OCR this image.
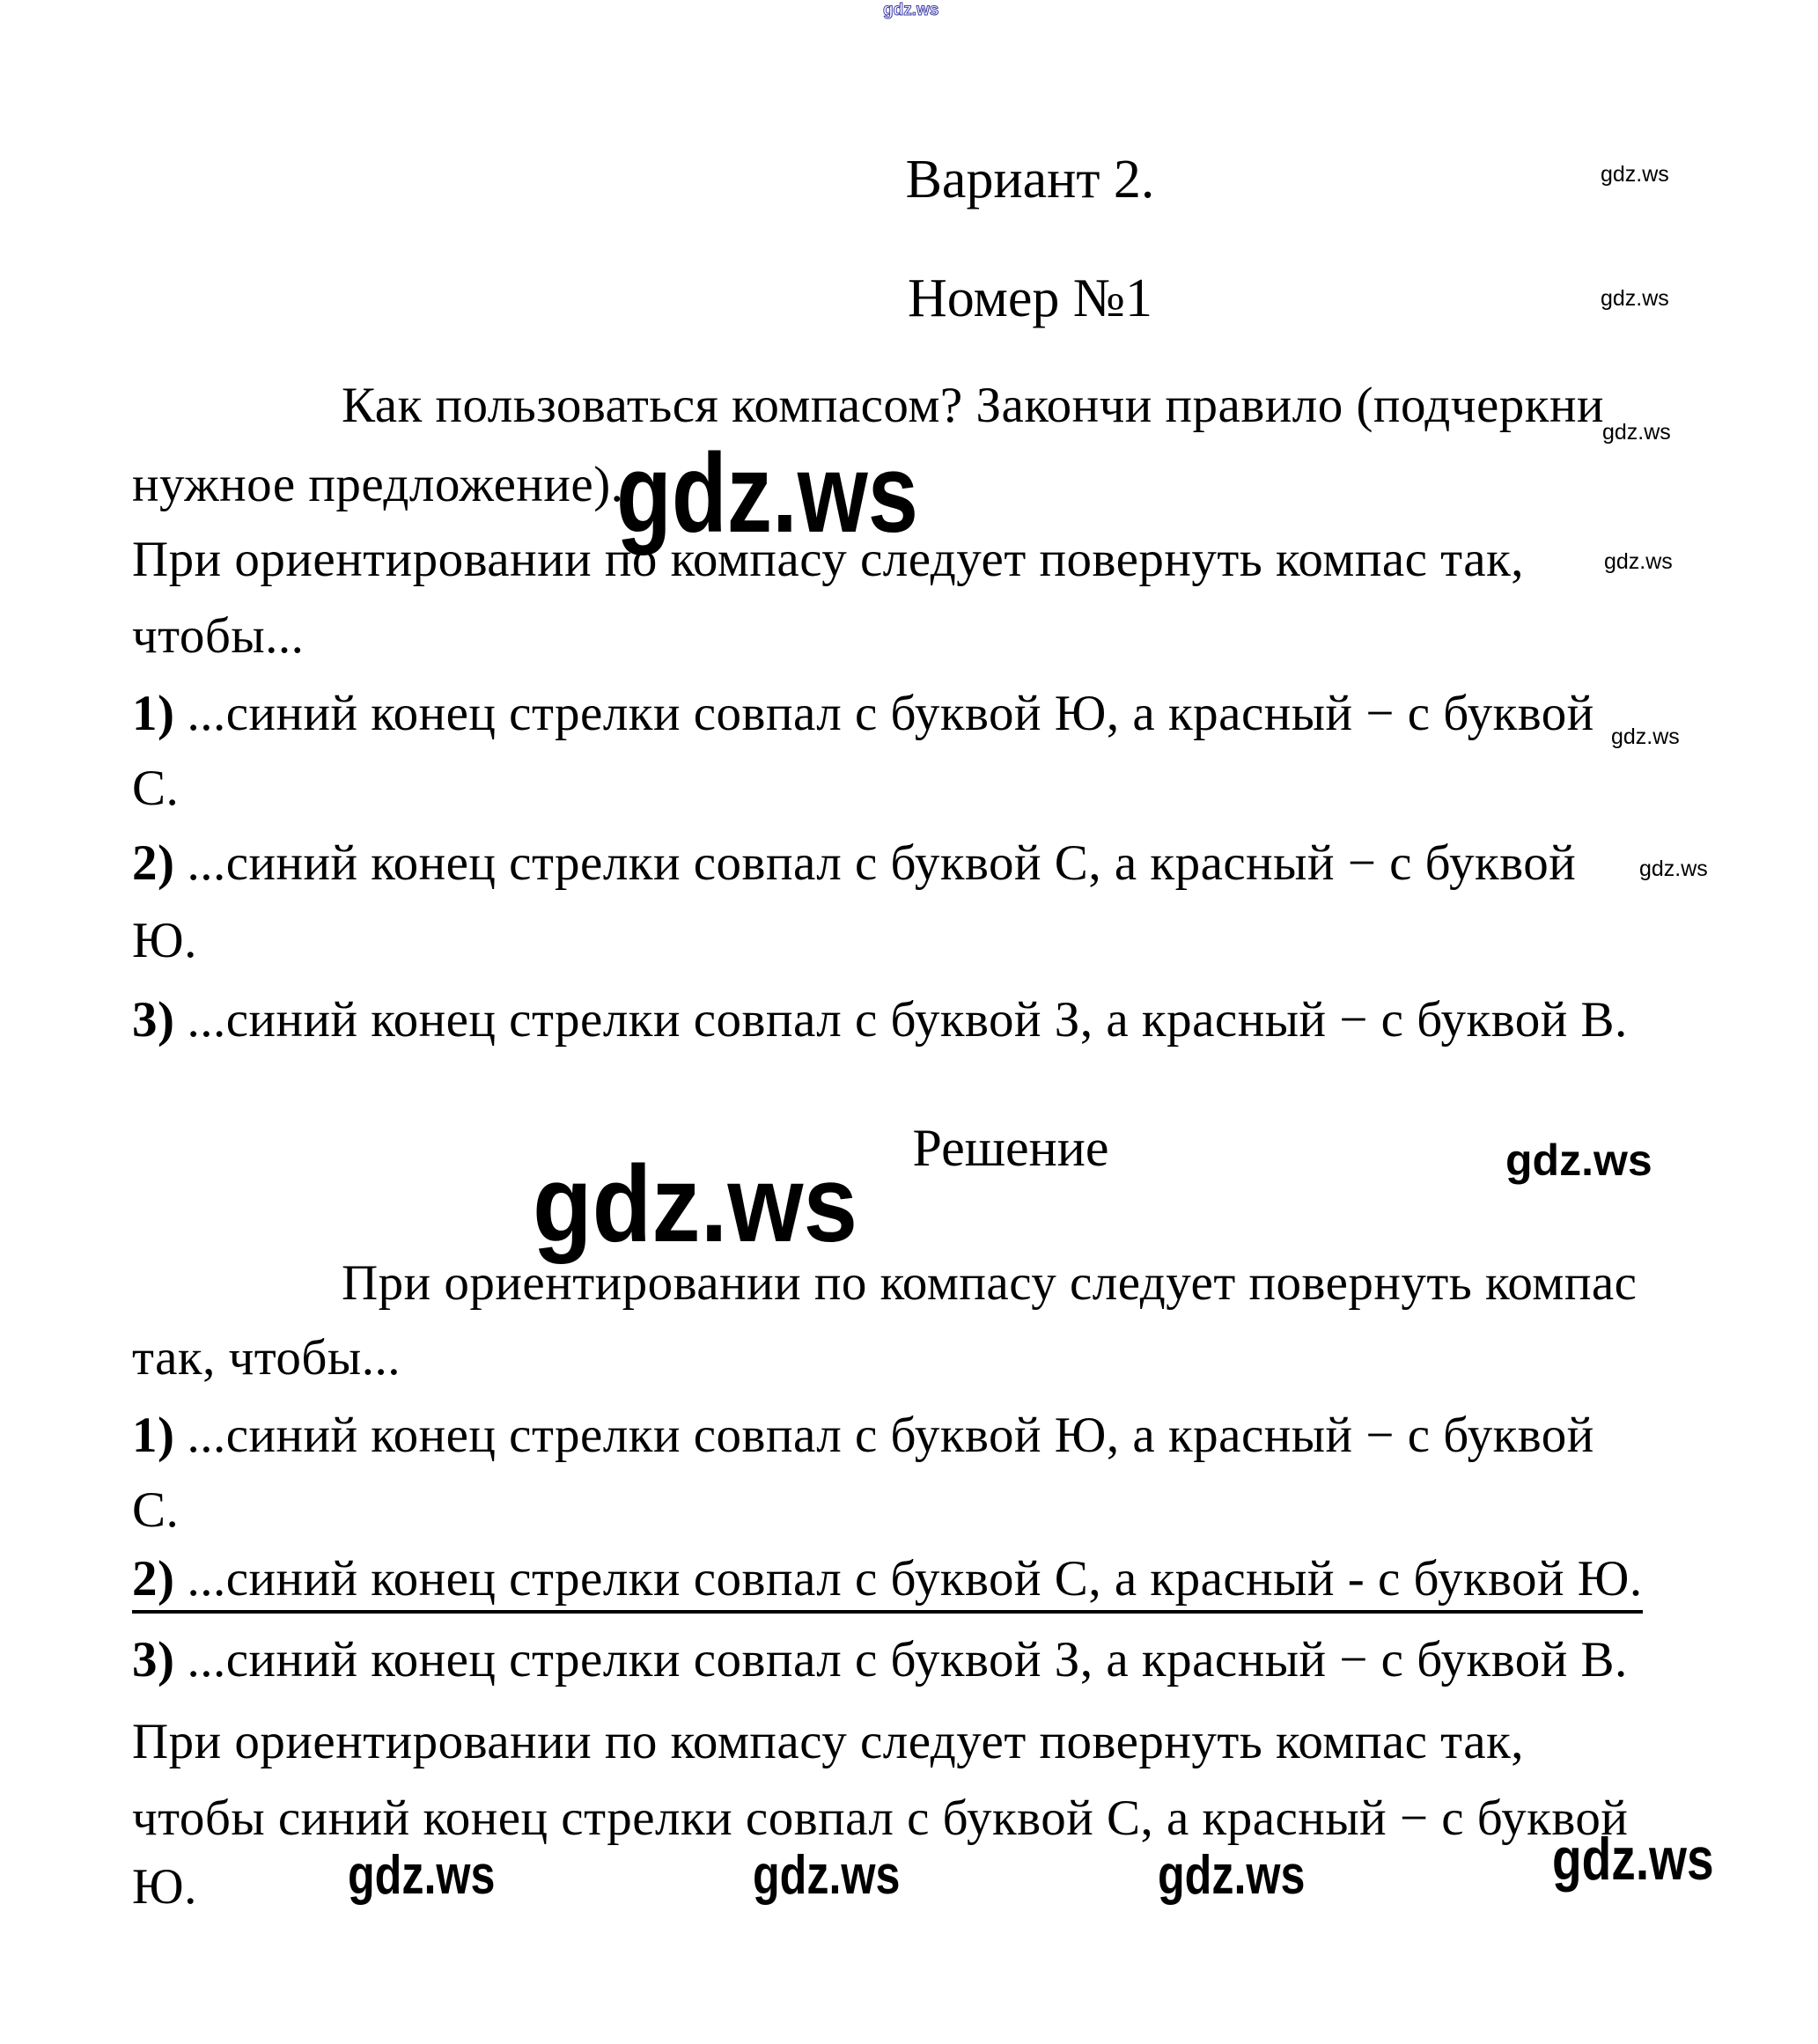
gdz.ws
Вариант 2.
Номер №1
gdz.ws
gdz.ws
gdz.ws
gdz.ws
gdz.ws
gdz.ws
gdz.ws
gdz.ws
Как пользоваться компасом? Закончи правило (подчеркни
нужное предложение).
При ориентировании по компасу следует повернуть компас так,
чтобы...
1) ...синий конец стрелки совпал с буквой Ю, а красный − с буквой
С.
2) ...синий конец стрелки совпал с буквой С, а красный − с буквой
Ю.
3) ...синий конец стрелки совпал с буквой З, а красный − с буквой В.
Решение	gdz.ws
При ориентировании по компасу следует повернуть компас
так, чтобы...
1) ...синий конец стрелки совпал с буквой Ю, а красный − с буквой
С.
2) ...синий конец стрелки совпал с буквой С, а красный - с буквой Ю.
3) ...синий конец стрелки совпал с буквой З, а красный − с буквой В.
При ориентировании по компасу следует повернуть компас так,
чтобы синий конец стрелки совпал с буквой С, а красный − с буквой
Ю.	gdz.ws	gdz.ws	gdz.ws	gdz.ws
